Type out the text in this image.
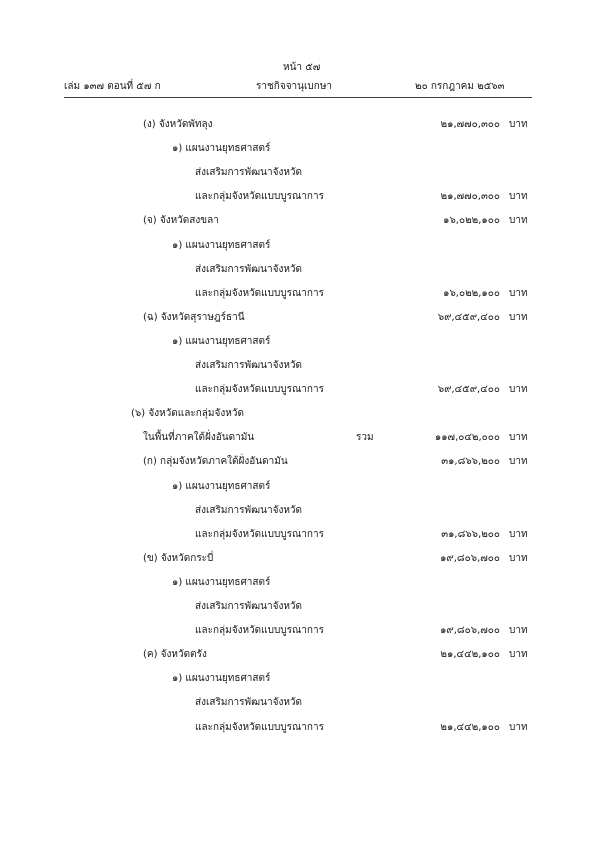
หน้า ๕๗
เล่ม ๑๓๗ ตอนที่ ๕๗ ก	ราชกิจจานุเบกษา	๒๐ กรกฎาคม ๒๕๖๓
(ง) จังหวัดพัทลุง	๒๑,๗๗๐,๓๐๐ บาท
๑) แผนงานยุทธศาสตร์
ส่งเสริมการพัฒนาจังหวัด
และกลุ่มจังหวัดแบบบูรณาการ	๒๑,๗๗๐,๓๐๐ บาท
(จ) จังหวัดสงขลา	๑๖,๐๒๒,๑๐๐ บาท
๑) แผนงานยุทธศาสตร์
ส่งเสริมการพัฒนาจังหวัด
และกลุ่มจังหวัดแบบบูรณาการ	๑๖,๐๒๒,๑๐๐ บาท
(ฉ) จังหวัดสุราษฎร์ธานี	๖๙,๔๕๙,๔๐๐ บาท
๑) แผนงานยุทธศาสตร์
ส่งเสริมการพัฒนาจังหวัด
และกลุ่มจังหวัดแบบบูรณาการ	๖๙,๔๕๙,๔๐๐ บาท
(๖) จังหวัดและกลุ่มจังหวัด
ในพื้นที่ภาคใต้ฝั่งอันดามัน	รวม	๑๑๗,๐๔๒,๐๐๐ บาท
(ก) กลุ่มจังหวัดภาคใต้ฝั่งอันดามัน	๓๑,๘๖๖,๒๐๐ บาท
๑) แผนงานยุทธศาสตร์
ส่งเสริมการพัฒนาจังหวัด
และกลุ่มจังหวัดแบบบูรณาการ	๓๑,๘๖๖,๒๐๐ บาท
(ข) จังหวัดกระบี่	๑๙,๘๐๖,๗๐๐ บาท
๑) แผนงานยุทธศาสตร์
ส่งเสริมการพัฒนาจังหวัด
และกลุ่มจังหวัดแบบบูรณาการ	๑๙,๘๐๖,๗๐๐ บาท
(ค) จังหวัดตรัง	๒๑,๔๔๒,๑๐๐ บาท
๑) แผนงานยุทธศาสตร์
ส่งเสริมการพัฒนาจังหวัด
และกลุ่มจังหวัดแบบบูรณาการ	๒๑,๔๔๒,๑๐๐ บาท
